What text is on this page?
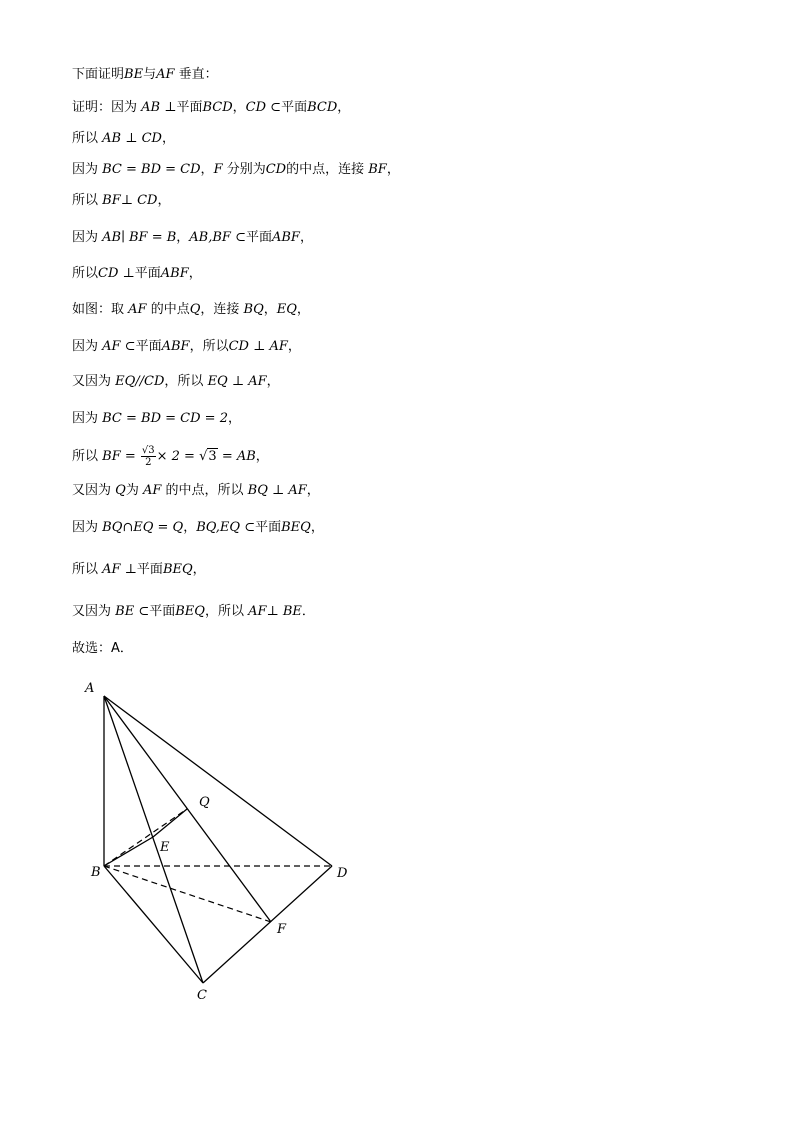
下面证明BE与AF 垂直：
证明：因为 AB ⊥平面BCD，CD ⊂平面BCD，
所以 AB ⊥ CD，
因为 BC = BD = CD，F 分别为CD的中点，连接 BF，
所以 BF⊥ CD，
因为 AB∣ BF = B，AB,BF ⊂平面ABF，
所以CD ⊥平面ABF，
如图：取 AF 的中点Q，连接 BQ，EQ，
因为 AF ⊂平面ABF，所以CD ⊥ AF，
又因为 EQ//CD，所以 EQ ⊥ AF，
因为 BC = BD = CD = 2，
所以 BF = $\frac{√3}{2} \times 2 = √3$ = AB，
又因为 Q为 AF 的中点，所以 BQ ⊥ AF，
因为 BQ∩EQ = Q，BQ,EQ ⊂平面BEQ，
所以 AF ⊥平面BEQ，
又因为 BE ⊂平面BEQ，所以 AF⊥ BE．
故选：A．
A
Q
E
B	D
F
C
